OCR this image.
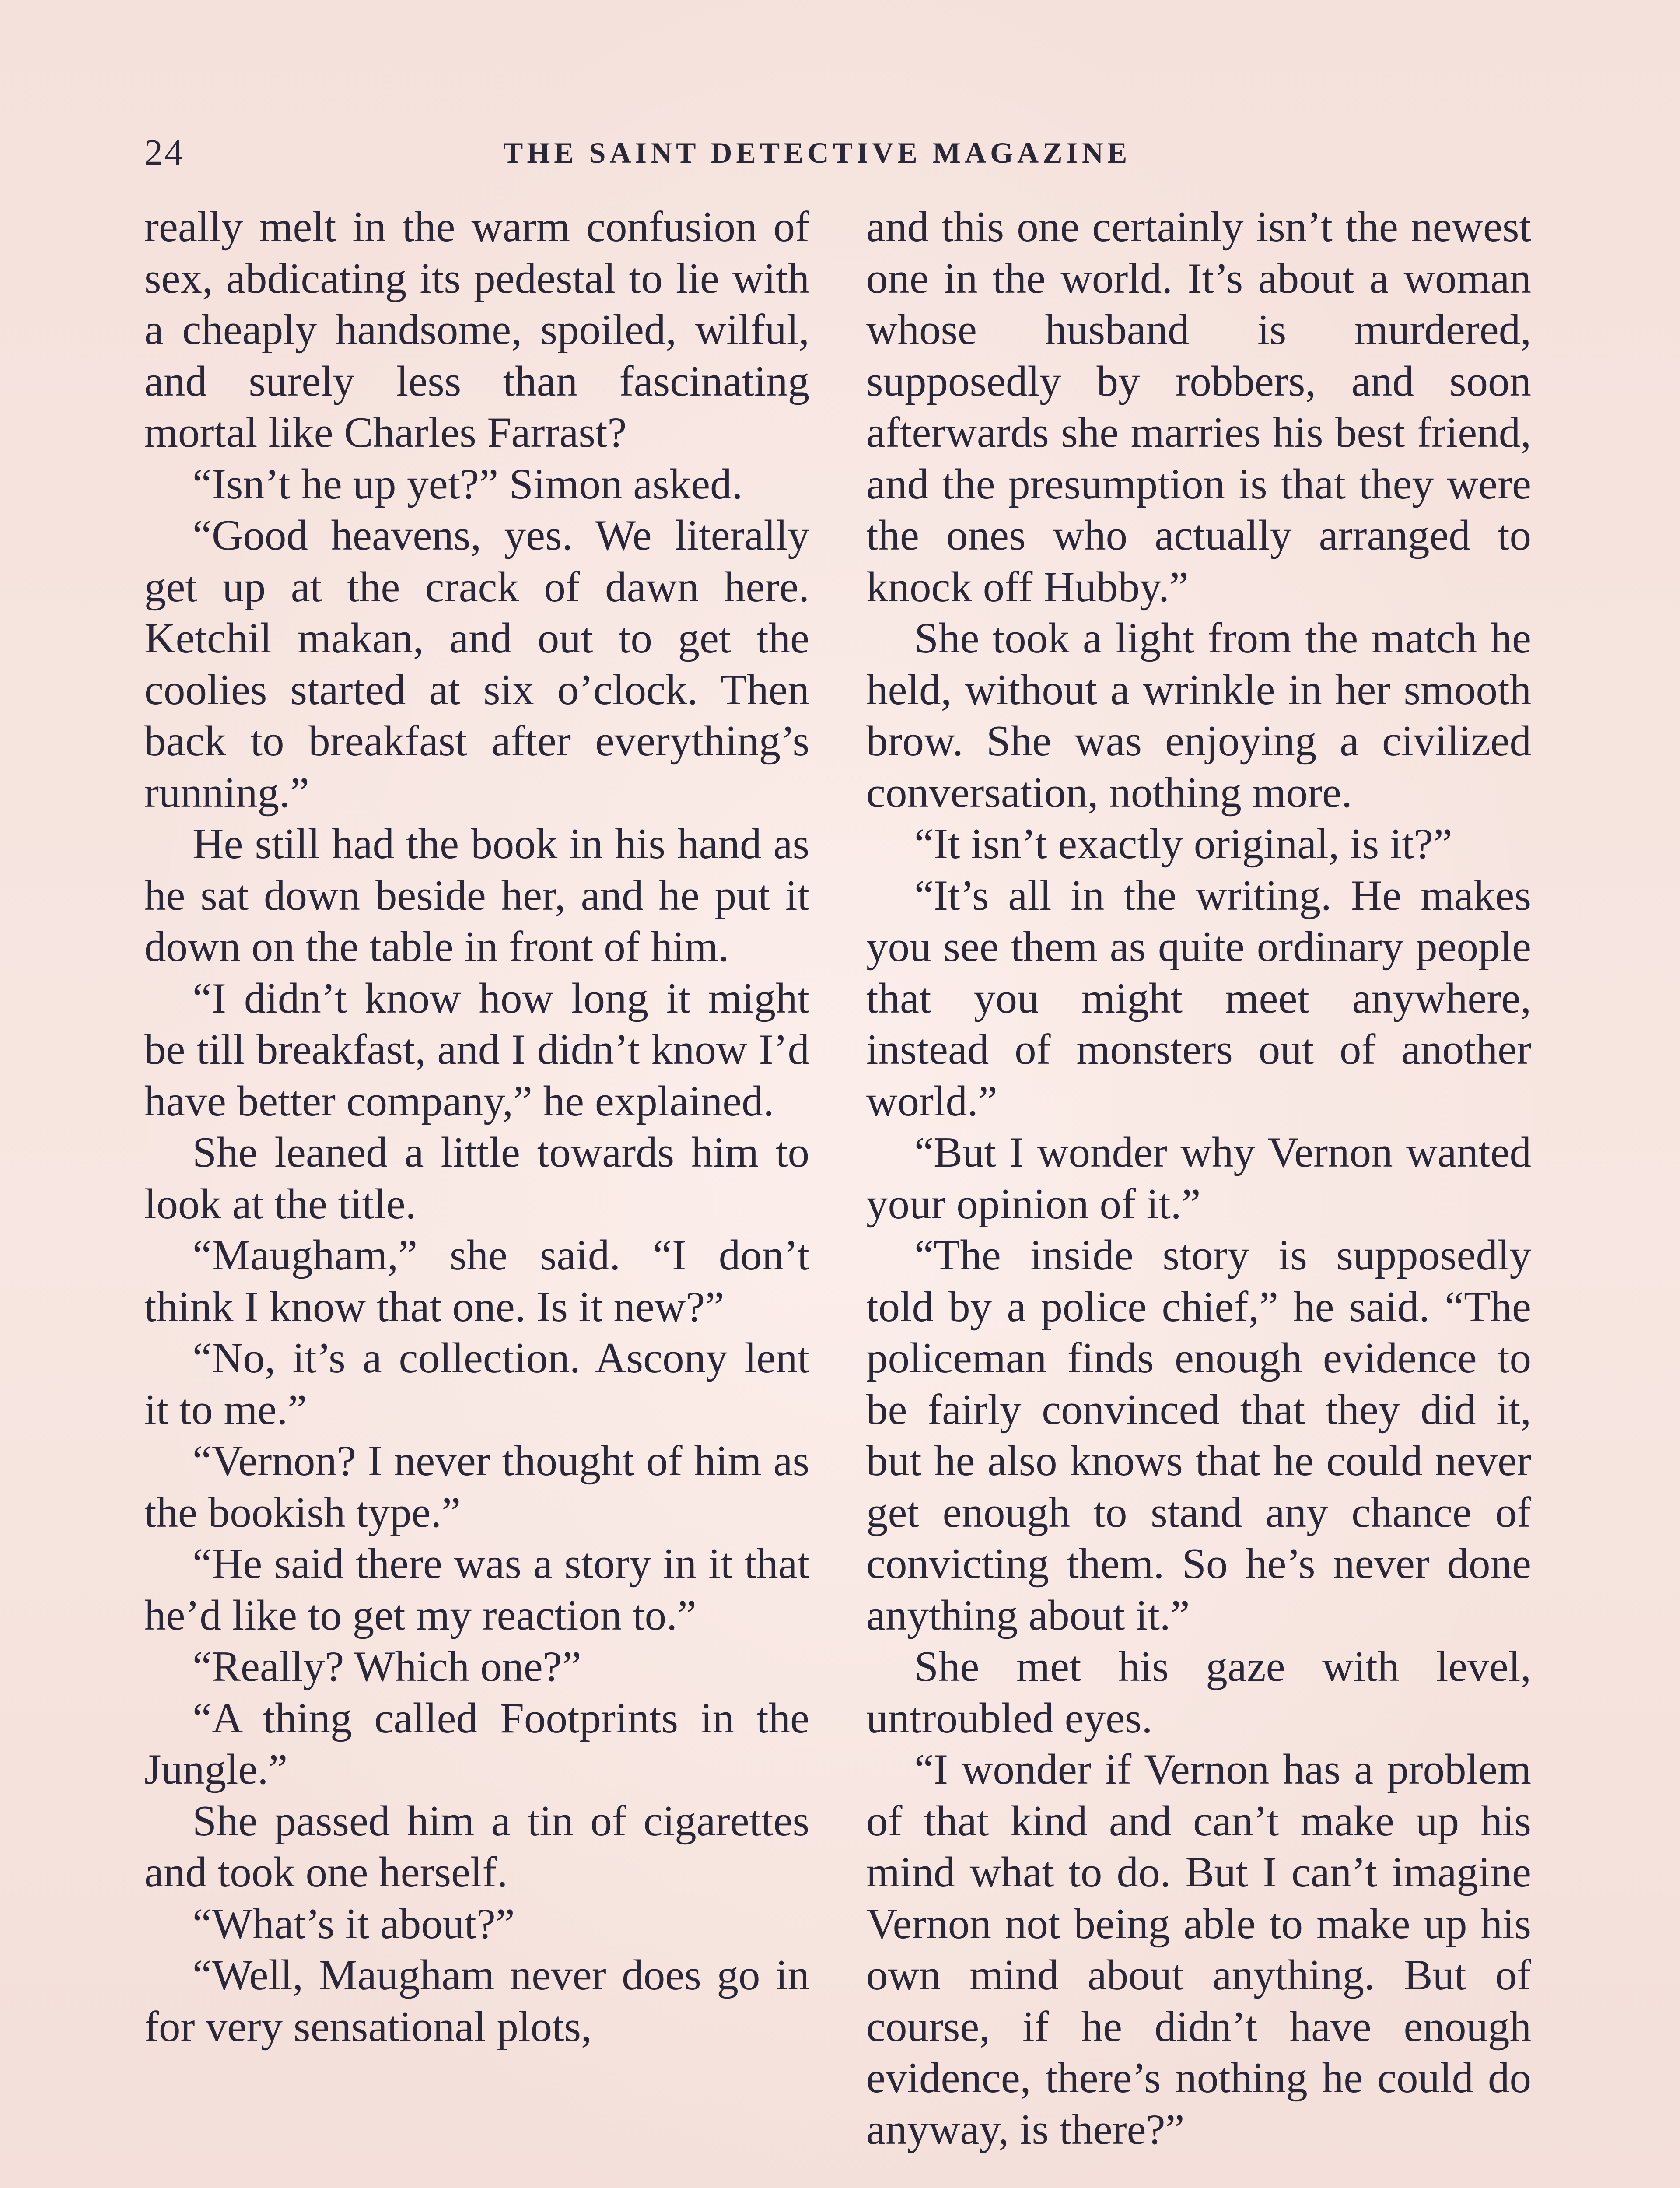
24	THE SAINT DETECTIVE MAGAZINE

really melt in the warm confusion of sex, abdicating its pedestal to lie with a cheaply handsome, spoiled, wilful, and surely less than fascinating mortal like Charles Farrast?

“Isn’t he up yet?” Simon asked.

“Good heavens, yes. We literally get up at the crack of dawn here. Ketchil makan, and out to get the coolies started at six o’clock. Then back to breakfast after everything’s running.”

He still had the book in his hand as he sat down beside her, and he put it down on the table in front of him.

“I didn’t know how long it might be till breakfast, and I didn’t know I’d have better company,” he explained.

She leaned a little towards him to look at the title.

“Maugham,” she said. “I don’t think I know that one. Is it new?”

“No, it’s a collection. Ascony lent it to me.”

“Vernon? I never thought of him as the bookish type.”

“He said there was a story in it that he’d like to get my reaction to.”

“Really? Which one?”

“A thing called Footprints in the Jungle.”

She passed him a tin of cigarettes and took one herself.

“What’s it about?”

“Well, Maugham never does go in for very sensational plots,

and this one certainly isn’t the newest one in the world. It’s about a woman whose husband is murdered, supposedly by robbers, and soon afterwards she marries his best friend, and the presumption is that they were the ones who actually arranged to knock off Hubby.”

She took a light from the match he held, without a wrinkle in her smooth brow. She was enjoying a civilized conversation, nothing more.

“It isn’t exactly original, is it?”

“It’s all in the writing. He makes you see them as quite ordinary people that you might meet anywhere, instead of monsters out of another world.”

“But I wonder why Vernon wanted your opinion of it.”

“The inside story is supposedly told by a police chief,” he said. “The policeman finds enough evidence to be fairly convinced that they did it, but he also knows that he could never get enough to stand any chance of convicting them. So he’s never done anything about it.”

She met his gaze with level, untroubled eyes.

“I wonder if Vernon has a problem of that kind and can’t make up his mind what to do. But I can’t imagine Vernon not being able to make up his own mind about anything. But of course, if he didn’t have enough evidence, there’s nothing he could do anyway, is there?”
